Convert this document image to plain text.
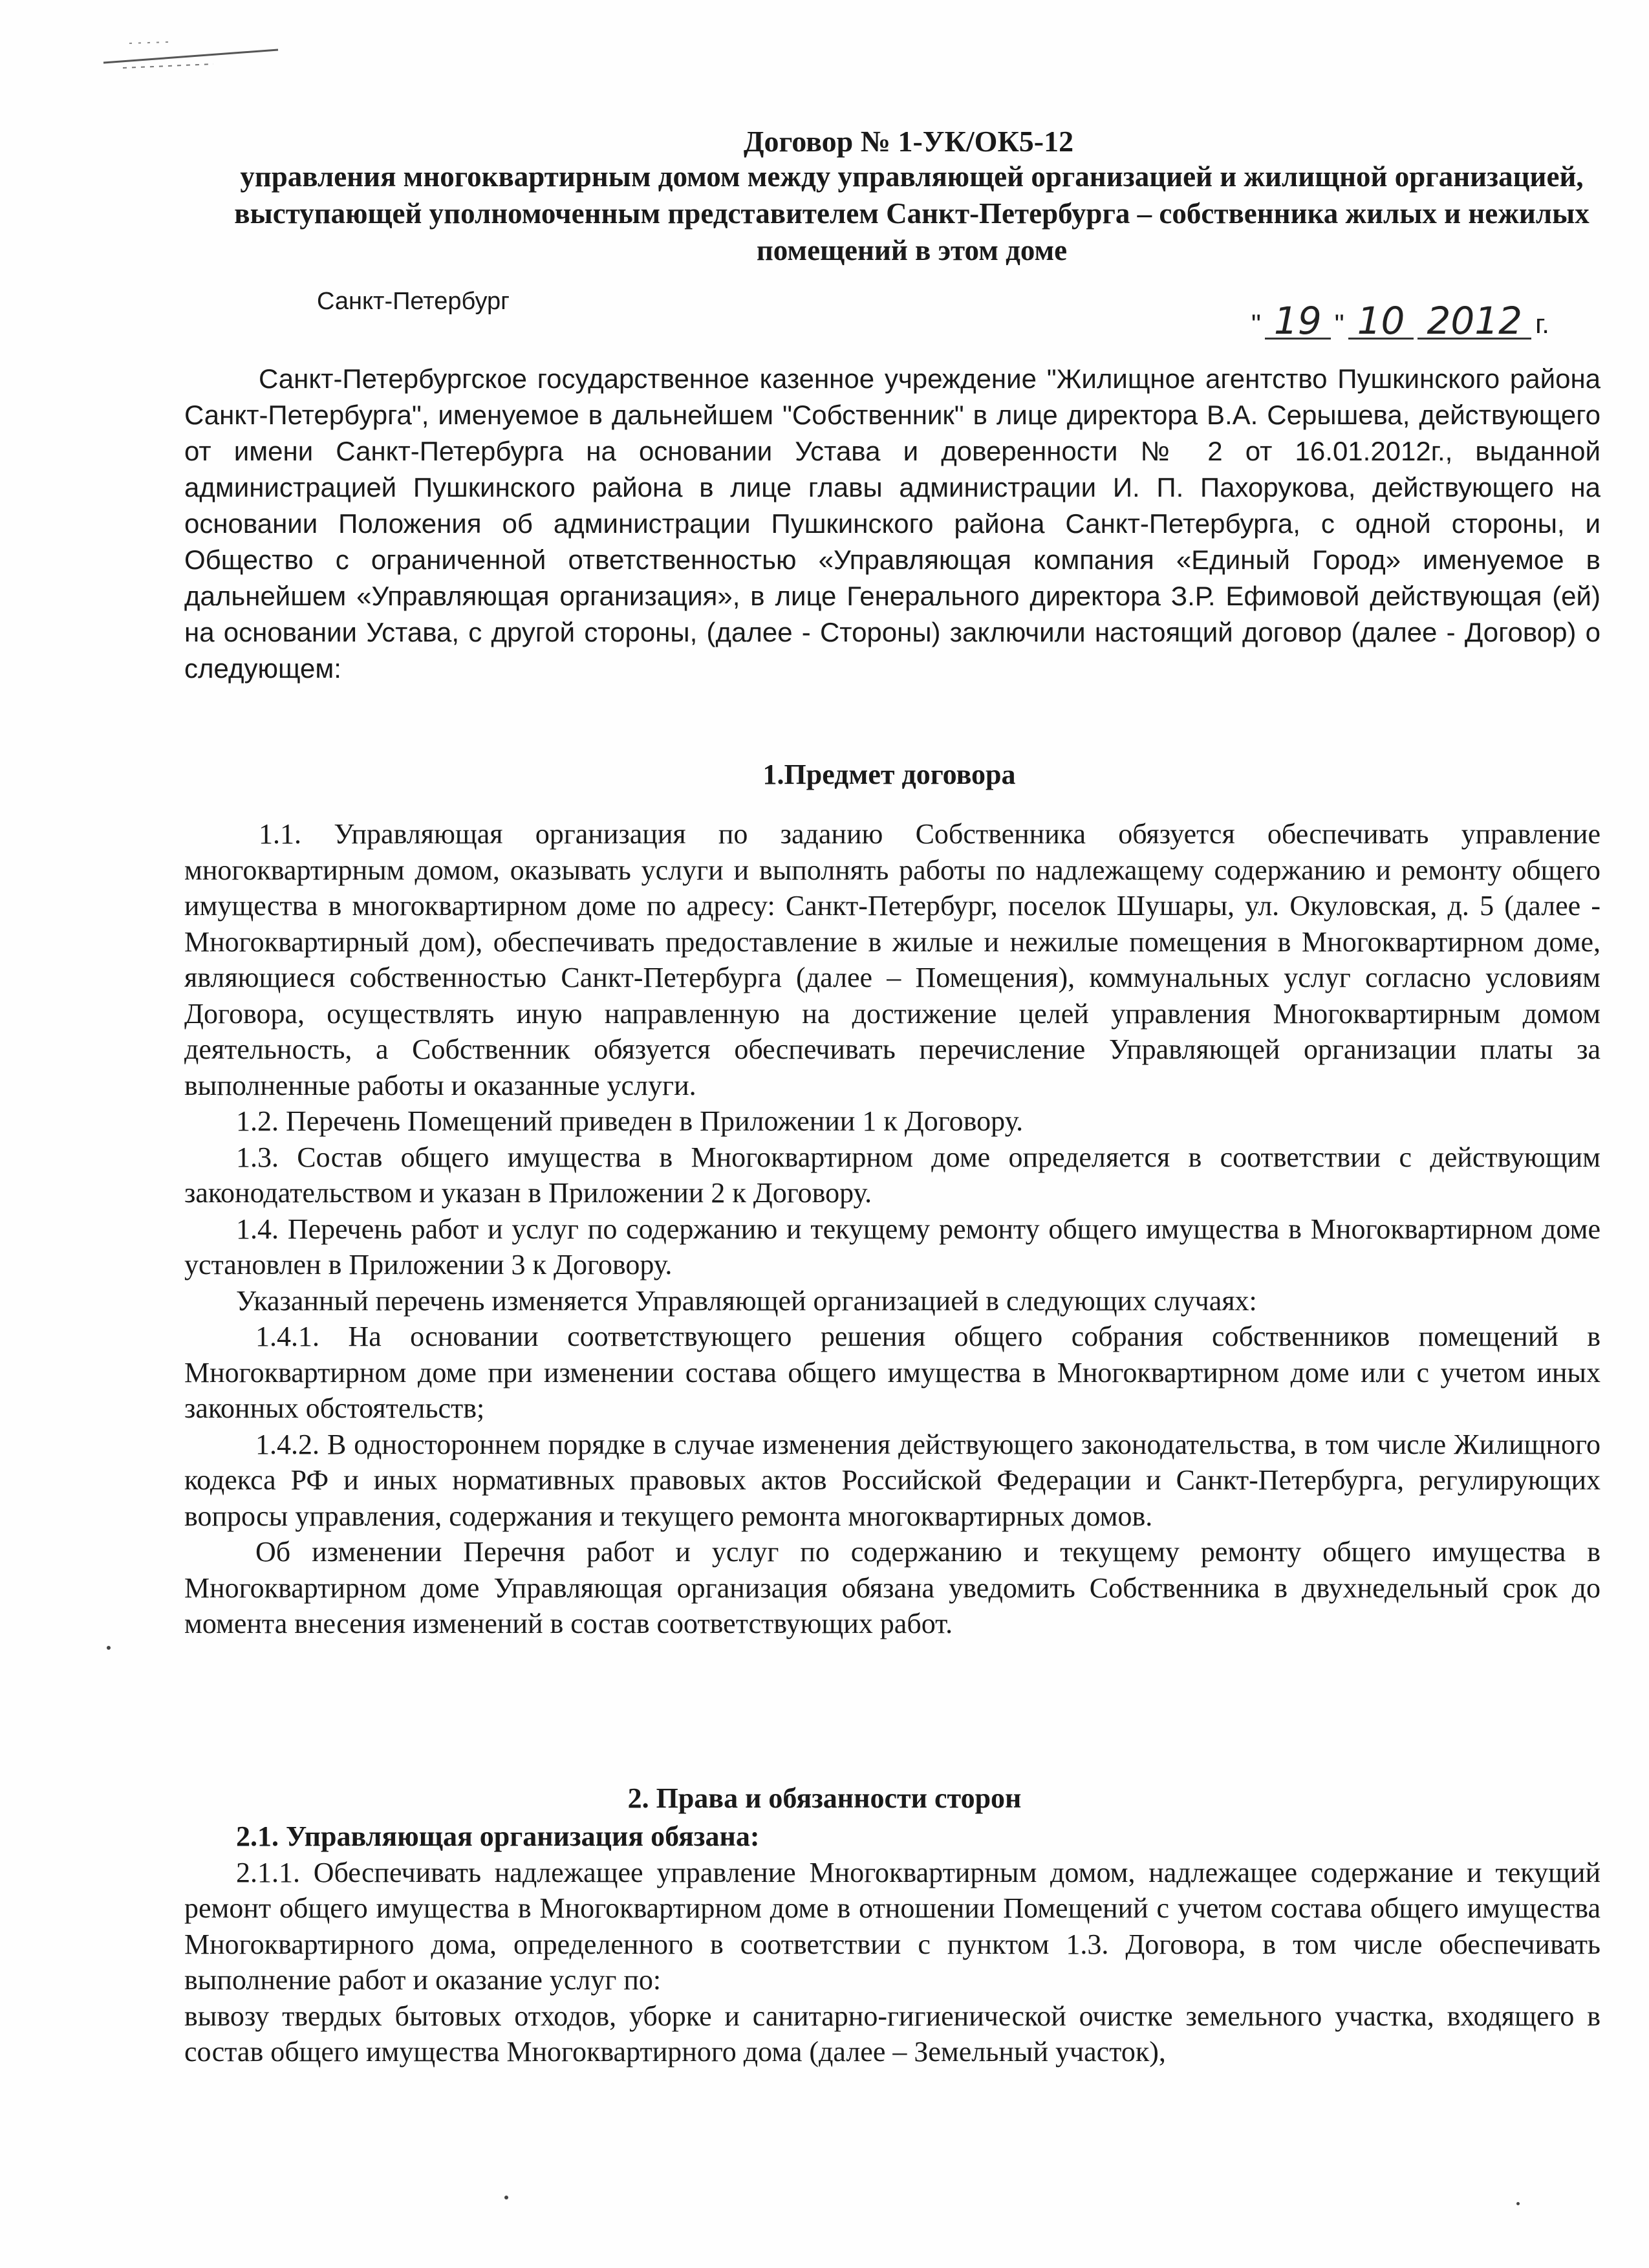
Договор № 1-УК/ОК5-12
управления многоквартирным домом между управляющей организацией и жилищной организацией, выступающей уполномоченным представителем Санкт-Петербурга – собственника жилых и нежилых помещений в этом доме
Санкт-Петербург
" 19 " 10 2012 г.

Санкт-Петербургское государственное казенное учреждение "Жилищное агентство Пушкинского района Санкт-Петербурга", именуемое в дальнейшем "Собственник" в лице директора В.А. Серышева, действующего от имени Санкт-Петербурга на основании Устава и доверенности № 2 от 16.01.2012г., выданной администрацией Пушкинского района в лице главы администрации И. П. Пахорукова, действующего на основании Положения об администрации Пушкинского района Санкт-Петербурга, с одной стороны, и Общество с ограниченной ответственностью «Управляющая компания «Единый Город» именуемое в дальнейшем «Управляющая организация», в лице Генерального директора З.Р. Ефимовой действующая (ей) на основании Устава, с другой стороны, (далее - Стороны) заключили настоящий договор (далее - Договор) о следующем:

1.Предмет договора

1.1. Управляющая организация по заданию Собственника обязуется обеспечивать управление многоквартирным домом, оказывать услуги и выполнять работы по надлежащему содержанию и ремонту общего имущества в многоквартирном доме по адресу: Санкт-Петербург, поселок Шушары, ул. Окуловская, д. 5 (далее - Многоквартирный дом), обеспечивать предоставление в жилые и нежилые помещения в Многоквартирном доме, являющиеся собственностью Санкт-Петербурга (далее – Помещения), коммунальных услуг согласно условиям Договора, осуществлять иную направленную на достижение целей управления Многоквартирным домом деятельность, а Собственник обязуется обеспечивать перечисление Управляющей организации платы за выполненные работы и оказанные услуги.

1.2. Перечень Помещений приведен в Приложении 1 к Договору.

1.3. Состав общего имущества в Многоквартирном доме определяется в соответствии с действующим законодательством и указан в Приложении 2 к Договору.

1.4. Перечень работ и услуг по содержанию и текущему ремонту общего имущества в Многоквартирном доме установлен в Приложении 3 к Договору.

Указанный перечень изменяется Управляющей организацией в следующих случаях:

1.4.1. На основании соответствующего решения общего собрания собственников помещений в Многоквартирном доме при изменении состава общего имущества в Многоквартирном доме или с учетом иных законных обстоятельств;

1.4.2. В одностороннем порядке в случае изменения действующего законодательства, в том числе Жилищного кодекса РФ и иных нормативных правовых актов Российской Федерации и Санкт-Петербурга, регулирующих вопросы управления, содержания и текущего ремонта многоквартирных домов.

Об изменении Перечня работ и услуг по содержанию и текущему ремонту общего имущества в Многоквартирном доме Управляющая организация обязана уведомить Собственника в двухнедельный срок до момента внесения изменений в состав соответствующих работ.

2. Права и обязанности сторон

2.1. Управляющая организация обязана:

2.1.1. Обеспечивать надлежащее управление Многоквартирным домом, надлежащее содержание и текущий ремонт общего имущества в Многоквартирном доме в отношении Помещений с учетом состава общего имущества Многоквартирного дома, определенного в соответствии с пунктом 1.3. Договора, в том числе обеспечивать выполнение работ и оказание услуг по:

вывозу твердых бытовых отходов, уборке и санитарно-гигиенической очистке земельного участка, входящего в состав общего имущества Многоквартирного дома (далее – Земельный участок),
